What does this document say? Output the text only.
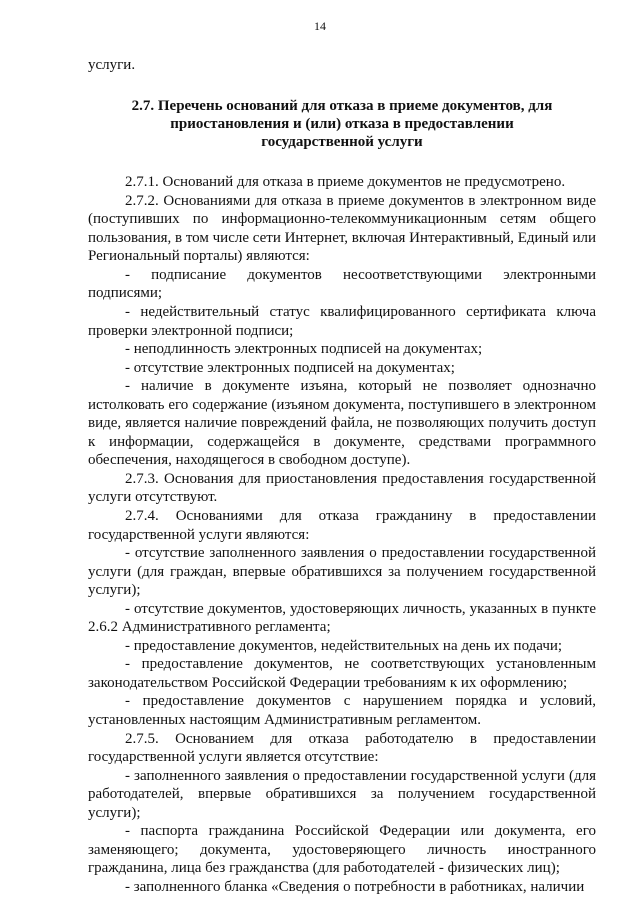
14

услуги.

2.7. Перечень оснований для отказа в приеме документов, для приостановления и (или) отказа в предоставлении государственной услуги

2.7.1. Оснований для отказа в приеме документов не предусмотрено.

2.7.2. Основаниями для отказа в приеме документов в электронном виде (поступивших по информационно-телекоммуникационным сетям общего пользования, в том числе сети Интернет, включая Интерактивный, Единый или Региональный порталы) являются:

- подписание документов несоответствующими электронными подписями;

- недействительный статус квалифицированного сертификата ключа проверки электронной подписи;

- неподлинность электронных подписей на документах;

- отсутствие электронных подписей на документах;

- наличие в документе изъяна, который не позволяет однозначно истолковать его содержание (изъяном документа, поступившего в электронном виде, является наличие повреждений файла, не позволяющих получить доступ к информации, содержащейся в документе, средствами программного обеспечения, находящегося в свободном доступе).

2.7.3. Основания для приостановления предоставления государственной услуги отсутствуют.

2.7.4. Основаниями для отказа гражданину в предоставлении государственной услуги являются:

- отсутствие заполненного заявления о предоставлении государственной услуги (для граждан, впервые обратившихся за получением государственной услуги);

- отсутствие документов, удостоверяющих личность, указанных в пункте 2.6.2 Административного регламента;

- предоставление документов, недействительных на день их подачи;

- предоставление документов, не соответствующих установленным законодательством Российской Федерации требованиям к их оформлению;

- предоставление документов с нарушением порядка и условий, установленных настоящим Административным регламентом.

2.7.5. Основанием для отказа работодателю в предоставлении государственной услуги является отсутствие:

- заполненного заявления о предоставлении государственной услуги (для работодателей, впервые обратившихся за получением государственной услуги);

- паспорта гражданина Российской Федерации или документа, его заменяющего; документа, удостоверяющего личность иностранного гражданина, лица без гражданства (для работодателей - физических лиц);

- заполненного бланка «Сведения о потребности в работниках, наличии
